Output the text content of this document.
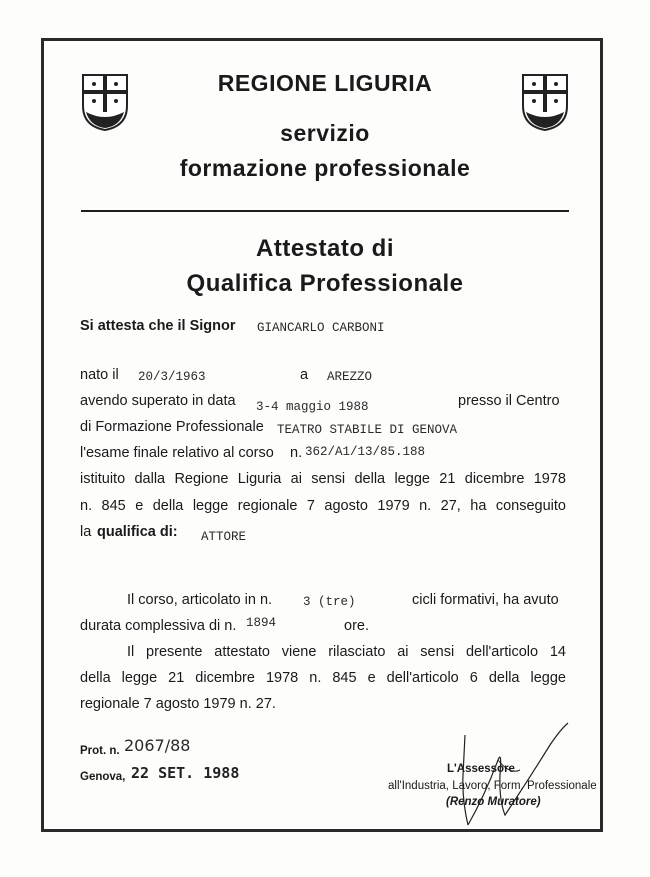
REGIONE LIGURIA
servizio
formazione professionale
Attestato di
Qualifica Professionale
Si attesta che il Signor GIANCARLO CARBONI
nato il 20/3/1963	a AREZZO
avendo superato in data 3-4 maggio 1988	presso il Centro
di Formazione Professionale TEATRO STABILE DI GENOVA
l'esame finale relativo al corso n. 362/A1/13/85.188
istituito dalla Regione Liguria ai sensi della legge 21 dicembre 1978
n. 845 e della legge regionale 7 agosto 1979 n. 27, ha conseguito
la qualifica di: ATTORE
Il corso, articolato in n. 3 (tre)	cicli formativi, ha avuto
durata complessiva di n. 1894	ore.
Il presente attestato viene rilasciato ai sensi dell'articolo 14
della legge 21 dicembre 1978 n. 845 e dell'articolo 6 della legge
regionale 7 agosto 1979 n. 27.
Prot. n. 2067/88
Genova, 22 SET. 1988	L'Assessore
all'Industria, Lavoro, Form. Professionale
(Renzo Muratore)
